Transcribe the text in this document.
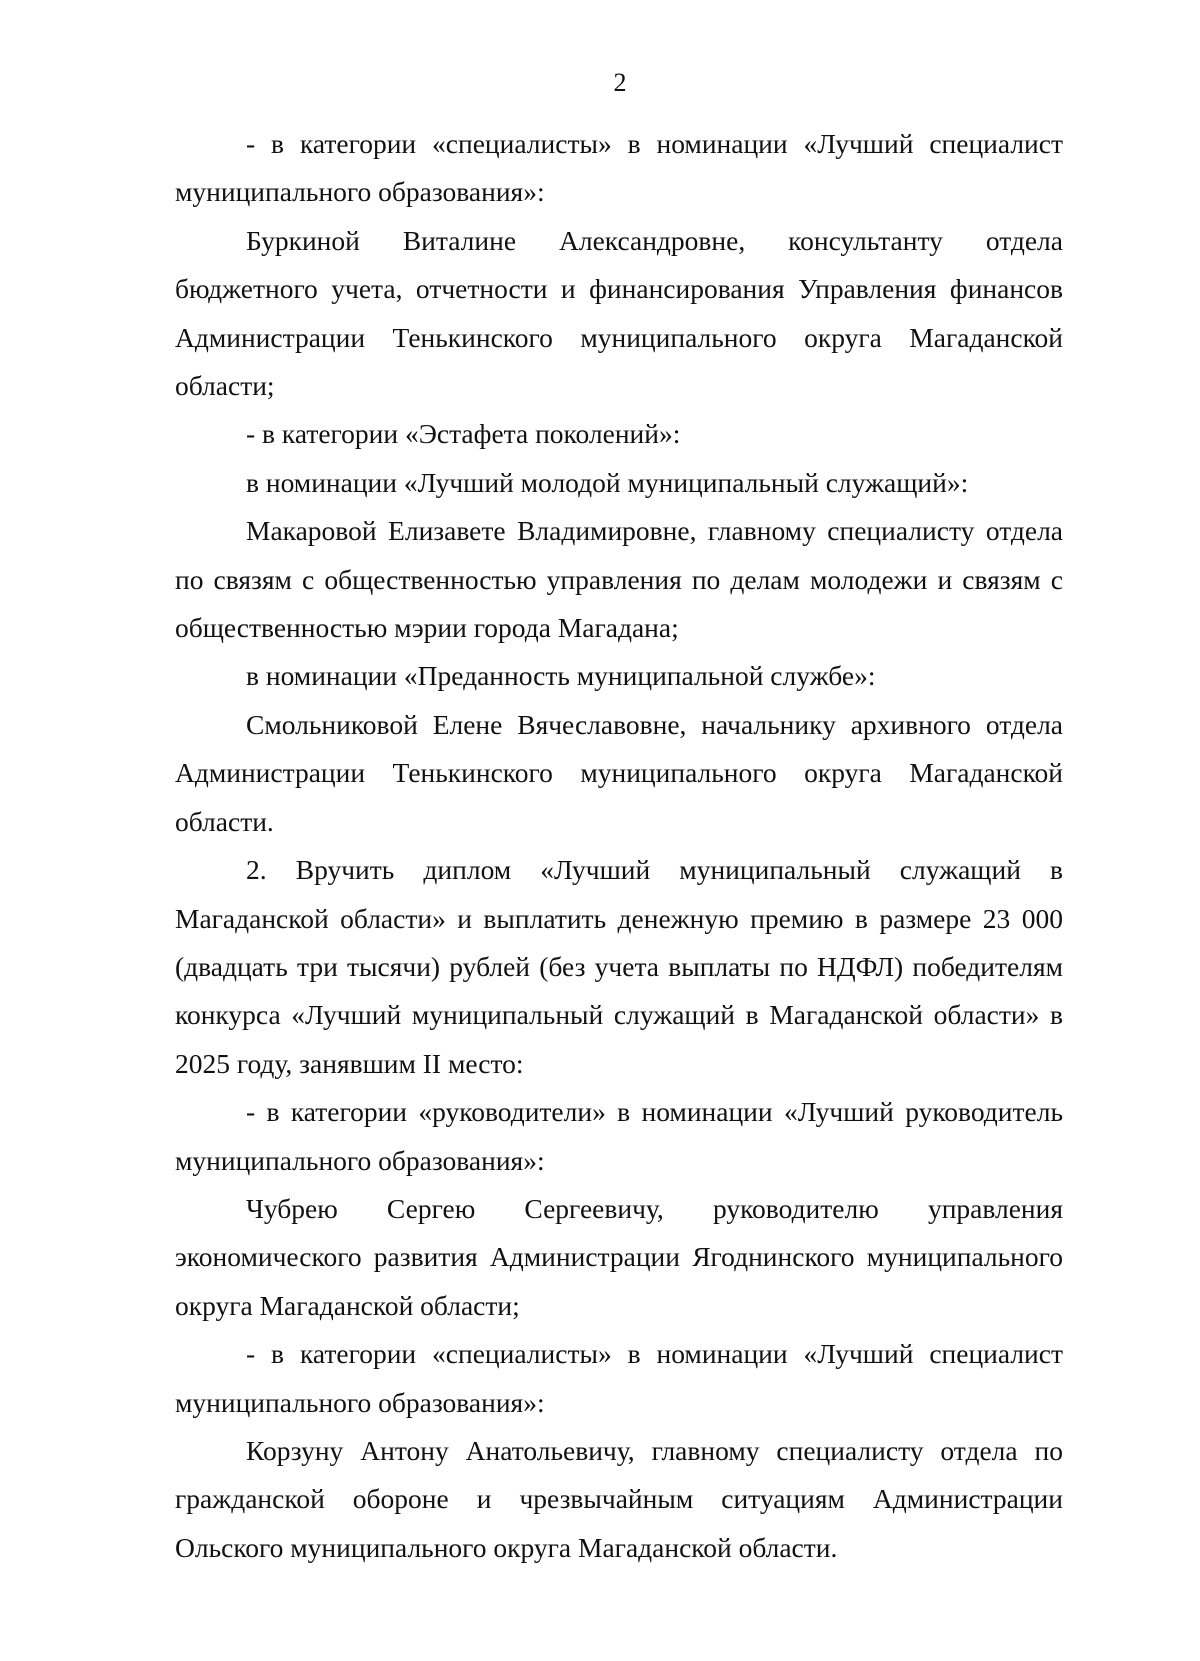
2

- в категории «специалисты» в номинации «Лучший специалист муниципального образования»:

Буркиной Виталине Александровне, консультанту отдела бюджетного учета, отчетности и финансирования Управления финансов Администрации Тенькинского муниципального округа Магаданской области;

- в категории «Эстафета поколений»:

в номинации «Лучший молодой муниципальный служащий»:

Макаровой Елизавете Владимировне, главному специалисту отдела по связям с общественностью управления по делам молодежи и связям с общественностью мэрии города Магадана;

в номинации «Преданность муниципальной службе»:

Смольниковой Елене Вячеславовне, начальнику архивного отдела Администрации Тенькинского муниципального округа Магаданской области.

2. Вручить диплом «Лучший муниципальный служащий в Магаданской области» и выплатить денежную премию в размере 23 000 (двадцать три тысячи) рублей (без учета выплаты по НДФЛ) победителям конкурса «Лучший муниципальный служащий в Магаданской области» в 2025 году, занявшим II место:

- в категории «руководители» в номинации «Лучший руководитель муниципального образования»:

Чубрею Сергею Сергеевичу, руководителю управления экономического развития Администрации Ягоднинского муниципального округа Магаданской области;

- в категории «специалисты» в номинации «Лучший специалист муниципального образования»:

Корзуну Антону Анатольевичу, главному специалисту отдела по гражданской обороне и чрезвычайным ситуациям Администрации Ольского муниципального округа Магаданской области.
